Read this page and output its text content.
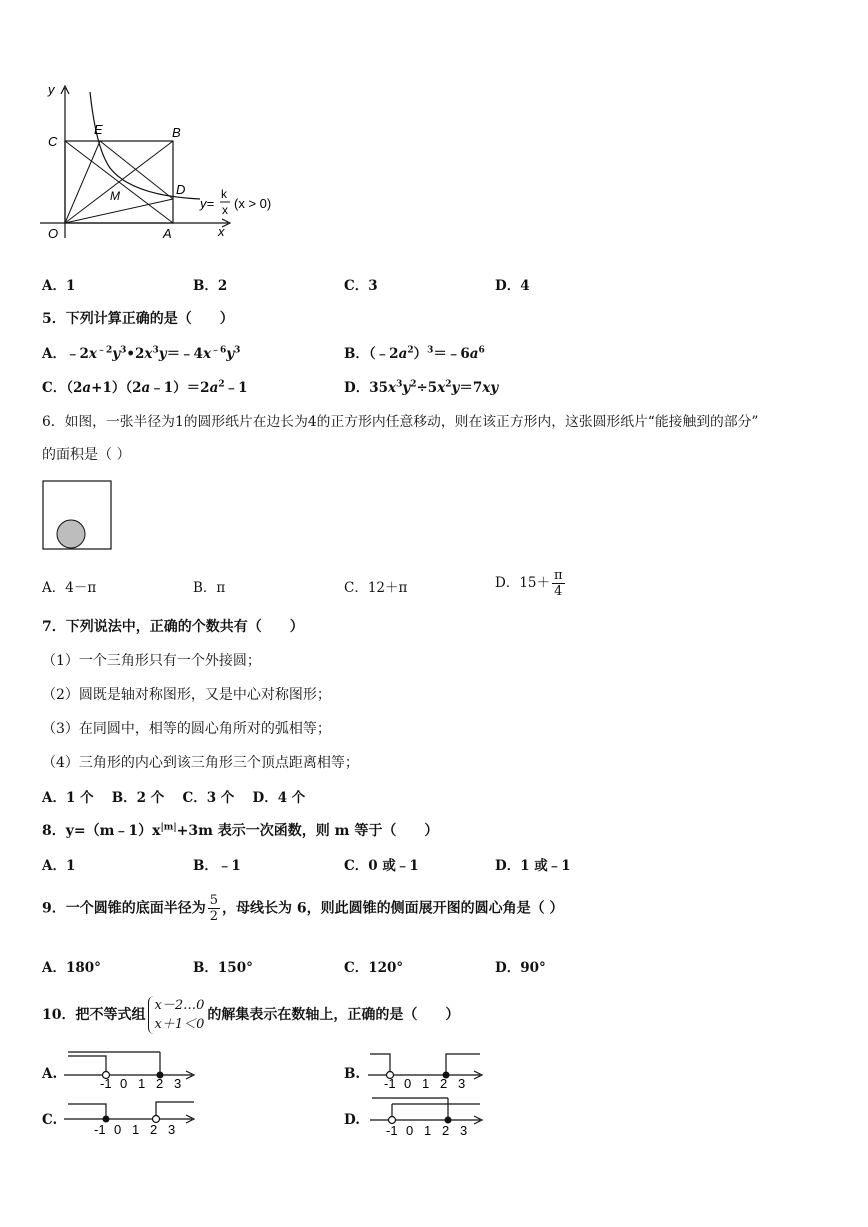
y
x
O	A
B
C
D
E
M	y=
k
x (x > 0)
A．1	B．2	C．3	D．4
5．下列计算正确的是（　　）
A．$﹣2x^{﹣2}y^3•2x^3y=﹣4x^{﹣6}y^3$	B．$(﹣2a^2)^3=﹣6a^6$
C．$(2a+1)(2a﹣1)=2a^2﹣1$	D．$35x^3y^2\div 5x^2y=7xy$
6．如图，一张半径为1的圆形纸片在边长为4的正方形内任意移动，则在该正方形内，这张圆形纸片“能接触到的部分”
的面积是（ ）
A．4－π	B．π	C．12＋π	D．$15+ \frac{\pi}{4}$
7．下列说法中，正确的个数共有（　　）
（1）一个三角形只有一个外接圆；
（2）圆既是轴对称图形，又是中心对称图形；
（3）在同圆中，相等的圆心角所对的弧相等；
（4）三角形的内心到该三角形三个顶点距离相等；
A．1 个　 B．2 个　 C．3 个　 D．4 个
8．$y=(m﹣1)x^{|m|}+3m$ 表示一次函数，则 m 等于（　　）
A．1	B．﹣1	C．0 或﹣1	D．1 或﹣1
9．一个圆锥的底面半径为 $\frac{5}{2}$ ，母线长为 6，则此圆锥的侧面展开图的圆心角是（ ）
A．180°	B．150°	C．120°	D．90°
10．把不等式组
x－2…0
x＋1＜0
的解集表示在数轴上，正确的是（　　）
A.
-1 0 1 2 3
B.
-1 0 1 2 3
C.
-1 0 1 2 3
D.
-1 0 1 2 3
